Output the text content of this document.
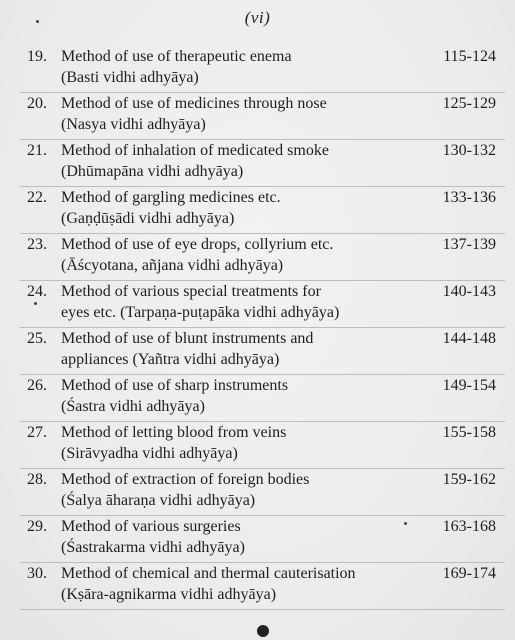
(vi)
19. Method of use of therapeutic enema
(Basti vidhi adhyāya)
115-124
20. Method of use of medicines through nose
(Nasya vidhi adhyāya)
125-129
21. Method of inhalation of medicated smoke
(Dhūmapāna vidhi adhyāya)
130-132
22. Method of gargling medicines etc.
(Gaṇḍūṣādi vidhi adhyāya)
133-136
23. Method of use of eye drops, collyrium etc.
(Āścyotana, añjana vidhi adhyāya)
137-139
24. Method of various special treatments for
eyes etc. (Tarpaṇa-puṭapāka vidhi adhyāya)
140-143
25. Method of use of blunt instruments and
appliances (Yañtra vidhi adhyāya)
144-148
26. Method of use of sharp instruments
(Śastra vidhi adhyāya)
149-154
27. Method of letting blood from veins
(Sirāvyadha vidhi adhyāya)
155-158
28. Method of extraction of foreign bodies
(Śalya āharaṇa vidhi adhyāya)
159-162
29. Method of various surgeries
(Śastrakarma vidhi adhyāya)
163-168
30. Method of chemical and thermal cauterisation
(Kṣāra-agnikarma vidhi adhyāya)
169-174
